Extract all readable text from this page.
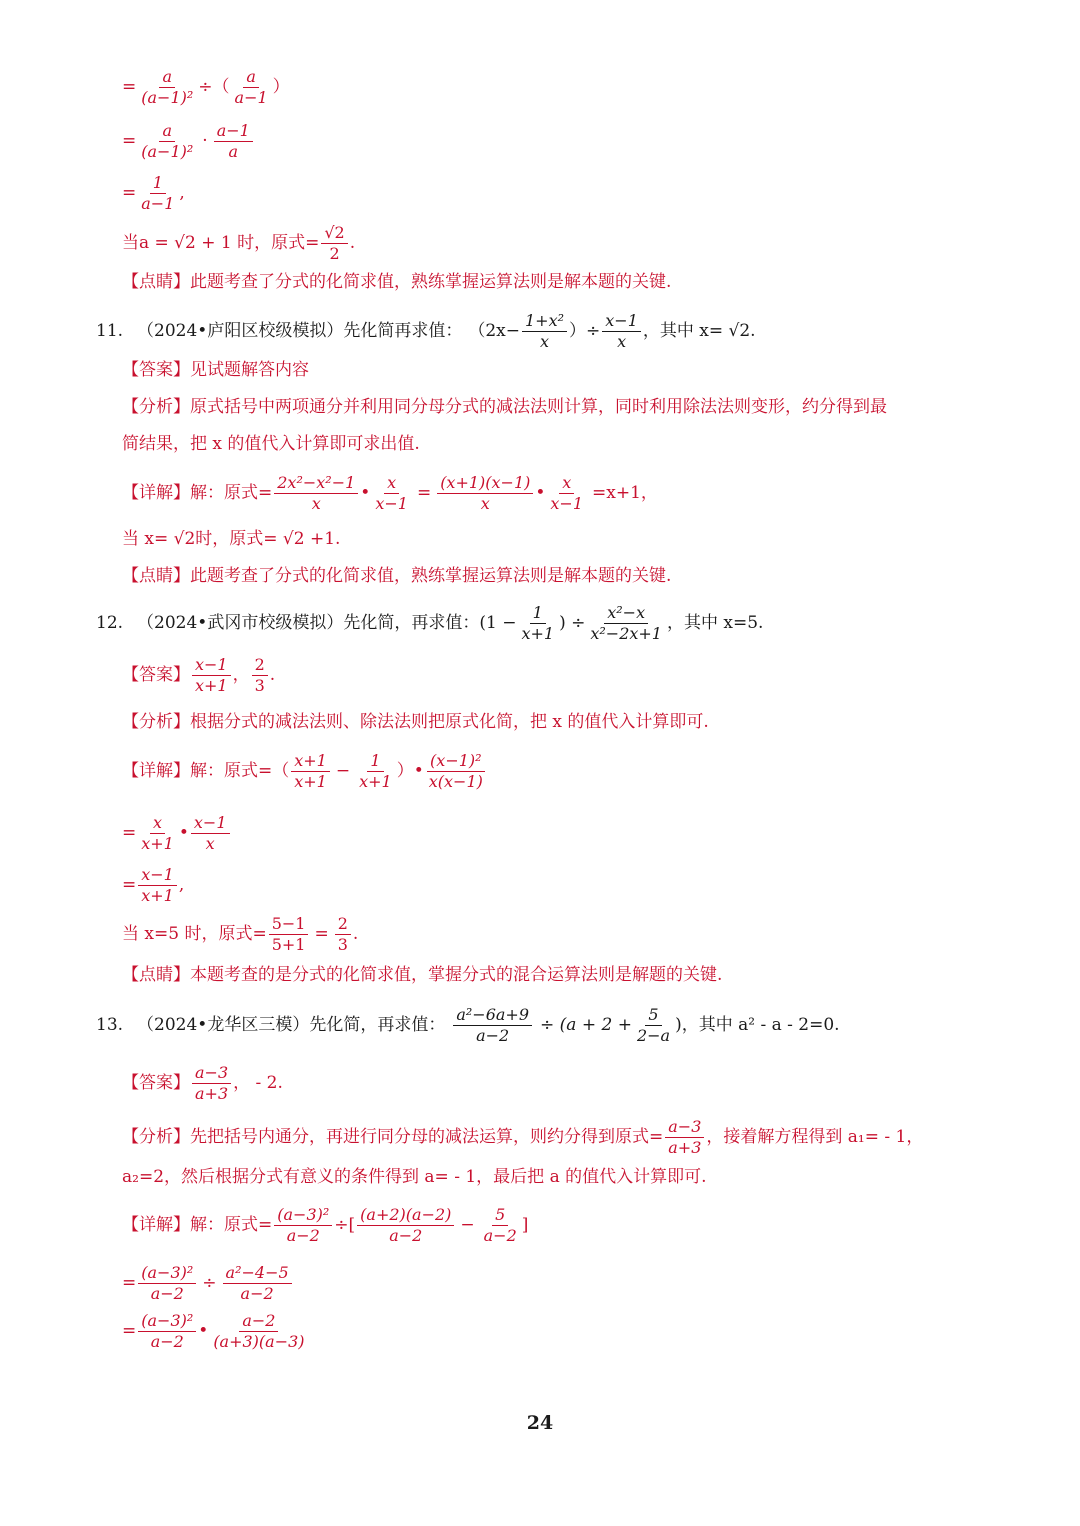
= $\frac{a}{\text{(a−1)²}}$ ÷（ $\frac{a}{a-1}$ ）
= $\frac{a}{\text{(a−1)²}} \cdot \frac{a-1}{a}$
= $\frac{1}{a-1}$ ,
当a = √2 + 1 时，原式= $\frac{√2}{2}$ .
【点睛】此题考查了分式的化简求值，熟练掌握运算法则是解本题的关键.
11. （2024•庐阳区校级模拟）先化简再求值： （$2x- \frac{\text{1+x²}}{x}$ ）÷ $\frac{x-1}{x}$ ，其中 x= √2.
【答案】见试题解答内容
【分析】原式括号中两项通分并利用同分母分式的减法法则计算，同时利用除法法则变形，约分得到最
简结果，把 x 的值代入计算即可求出值.
【详解】解：原式= $\frac{\text{2x²−x²−1}}{x}$ • $\frac{x}{x-1} = \frac{(x+1)(x-1)}{x}$ • $\frac{x}{x-1} =x+1$，
当 x= √2时，原式= √2 +1.
【点睛】此题考查了分式的化简求值，熟练掌握运算法则是解本题的关键.
12. （2024•武冈市校级模拟）先化简，再求值： ($1 - \frac{1}{x+1}$ ) ÷ $\frac{\text{x²−x}}{\text{x²−2x+1}}$ ，其中 x=5.
【答案】 $\frac{x-1}{x+1}$ ， $\frac{2}{3}$ .
【分析】根据分式的减法法则、除法法则把原式化简，把 x 的值代入计算即可.
【详解】解：原式=（ $\frac{x+1}{x+1} - \frac{1}{x+1}$ ）• $\frac{\text{(x−1)²}}{x(x-1)}$
= $\frac{x}{x+1}$ • $\frac{x-1}{x}$
= $\frac{x-1}{x+1}$ ,
当 x=5 时，原式= $\frac{5-1}{5+1} = \frac{2}{3}$ .
【点睛】本题考查的是分式的化简求值，掌握分式的混合运算法则是解题的关键.
13. （2024•龙华区三模）先化简，再求值： $\frac{\text{a²−6a+9}}{a-2} \div (a + 2 + \frac{5}{2-a}$ )，其中 a² - a - 2=0.
【答案】 $\frac{a-3}{a+3}$ ， - 2.
【分析】先把括号内通分，再进行同分母的减法运算，则约分得到原式= $\frac{a-3}{a+3}$ ，接着解方程得到 a₁= - 1，
a₂=2，然后根据分式有意义的条件得到 a= - 1，最后把 a 的值代入计算即可.
【详解】解：原式= $\frac{\text{(a−3)²}}{a-2}$ ÷[ $\frac{(a+2)(a-2)}{a-2} - \frac{5}{a-2}$ ]
= $\frac{\text{(a−3)²}}{a-2} \div \frac{\text{a²−4−5}}{a-2}$
= $\frac{\text{(a−3)²}}{a-2}$ • $\frac{a-2}{(a+3)(a-3)}$
24
